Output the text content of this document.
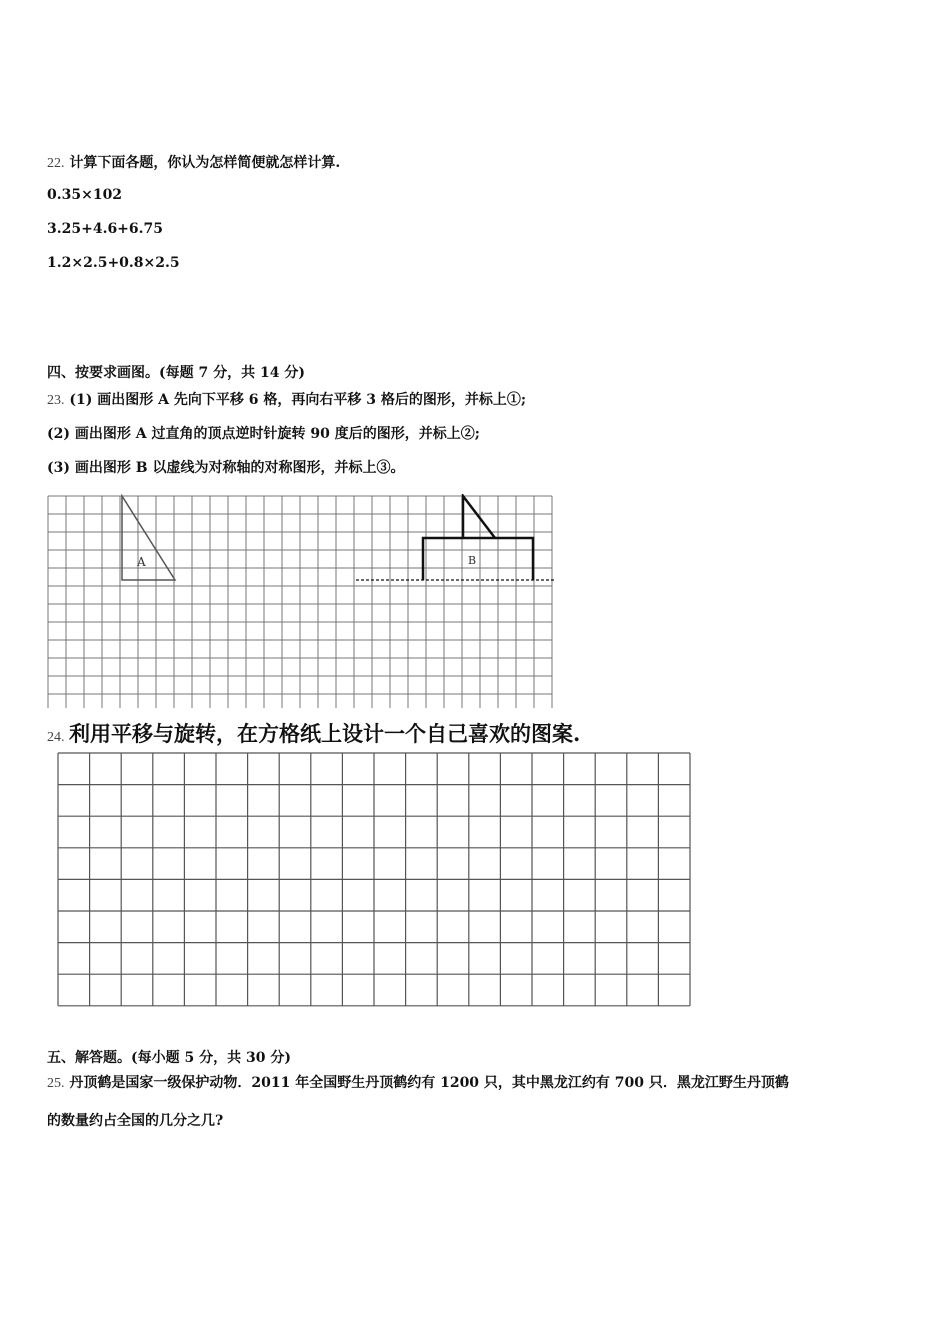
22. 计算下面各题，你认为怎样简便就怎样计算.
0.35×102
3.25+4.6+6.75
1.2×2.5+0.8×2.5
四、按要求画图。(每题 7 分，共 14 分)
23. (1) 画出图形 A 先向下平移 6 格，再向右平移 3 格后的图形，并标上①;
(2) 画出图形 A 过直角的顶点逆时针旋转 90 度后的图形，并标上②;
(3) 画出图形 B 以虚线为对称轴的对称图形，并标上③。
A	B
24. 利用平移与旋转，在方格纸上设计一个自己喜欢的图案.
五、解答题。(每小题 5 分，共 30 分)
25. 丹顶鹤是国家一级保护动物．2011 年全国野生丹顶鹤约有 1200 只，其中黑龙江约有 700 只．黑龙江野生丹顶鹤
的数量约占全国的几分之几?
